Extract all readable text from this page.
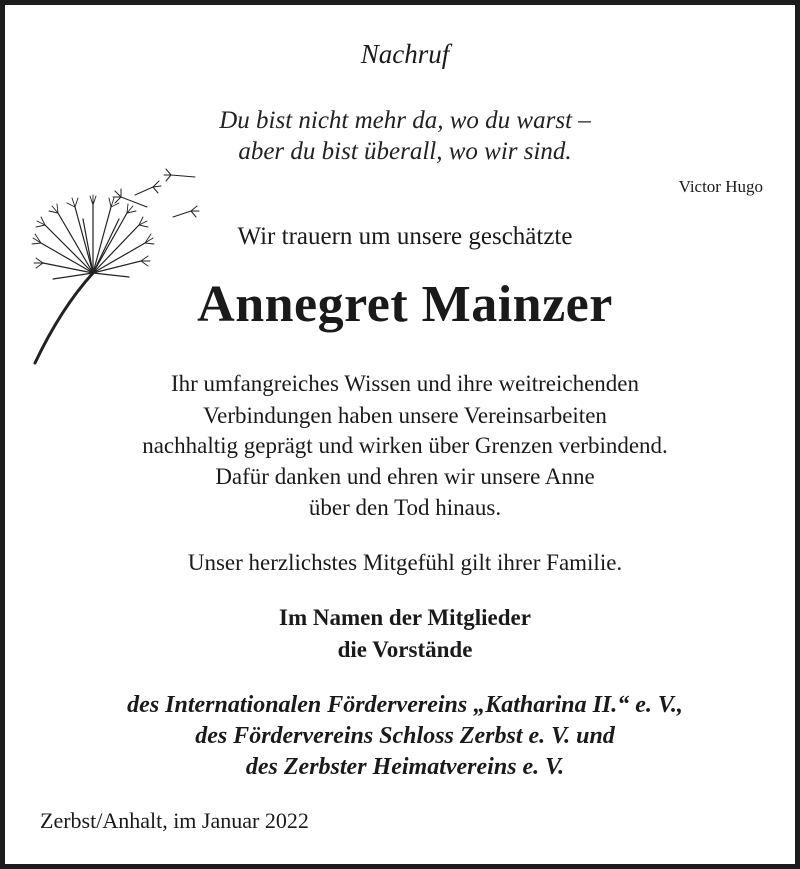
Nachruf
Du bist nicht mehr da, wo du warst –
aber du bist überall, wo wir sind.
Victor Hugo
Wir trauern um unsere geschätzte
Annegret Mainzer
Ihr umfangreiches Wissen und ihre weitreichenden
Verbindungen haben unsere Vereinsarbeiten
nachhaltig geprägt und wirken über Grenzen verbindend.
Dafür danken und ehren wir unsere Anne
über den Tod hinaus.
Unser herzlichstes Mitgefühl gilt ihrer Familie.
Im Namen der Mitglieder
die Vorstände
des Internationalen Fördervereins „Katharina II.“ e. V.,
des Fördervereins Schloss Zerbst e. V. und
des Zerbster Heimatvereins e. V.
Zerbst/Anhalt, im Januar 2022
